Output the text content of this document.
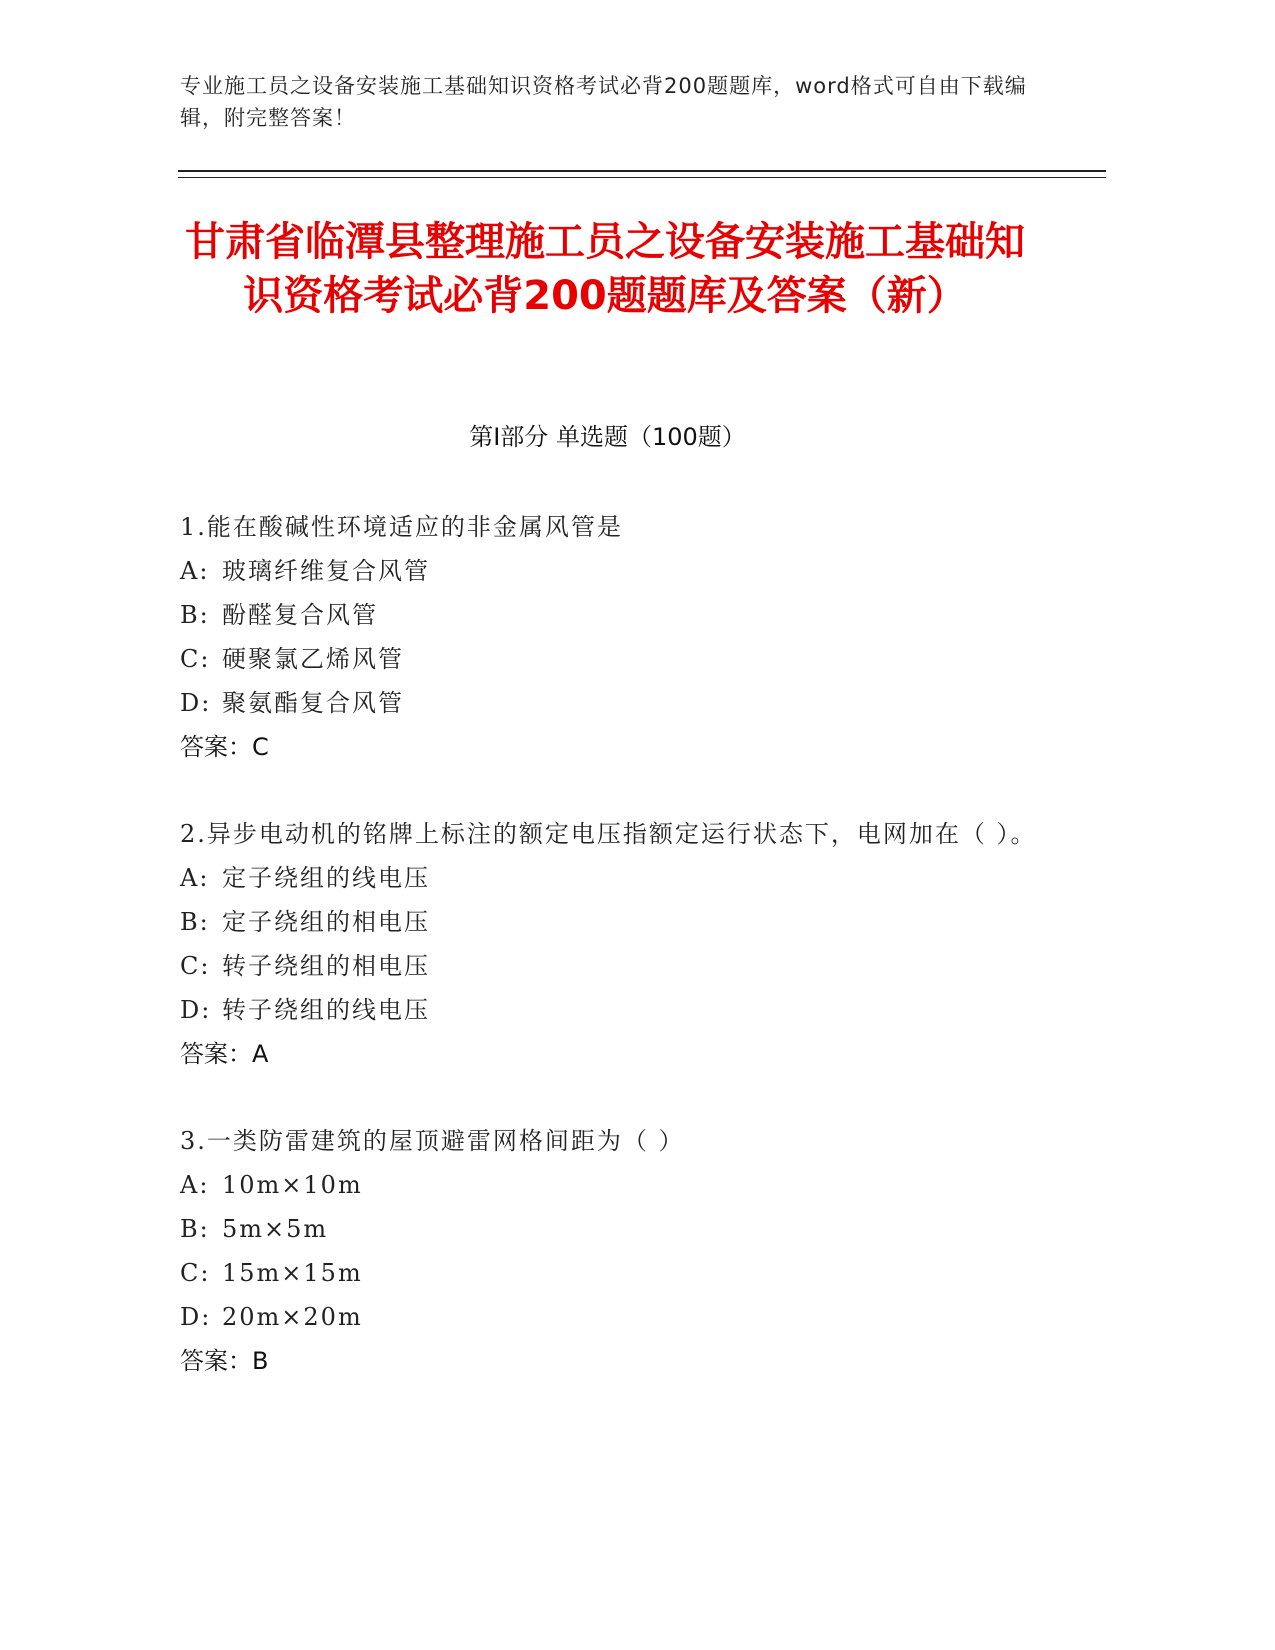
专业施工员之设备安装施工基础知识资格考试必背200题题库，word格式可自由下载编辑，附完整答案！
甘肃省临潭县整理施工员之设备安装施工基础知识资格考试必背200题题库及答案（新）
第Ⅰ部分 单选题（100题）
1.能在酸碱性环境适应的非金属风管是
A: 玻璃纤维复合风管
B: 酚醛复合风管
C: 硬聚氯乙烯风管
D: 聚氨酯复合风管
答案：C
2.异步电动机的铭牌上标注的额定电压指额定运行状态下，电网加在（ ）。
A: 定子绕组的线电压
B: 定子绕组的相电压
C: 转子绕组的相电压
D: 转子绕组的线电压
答案：A
3.一类防雷建筑的屋顶避雷网格间距为（ ）
A: 10m×10m
B: 5m×5m
C: 15m×15m
D: 20m×20m
答案：B
